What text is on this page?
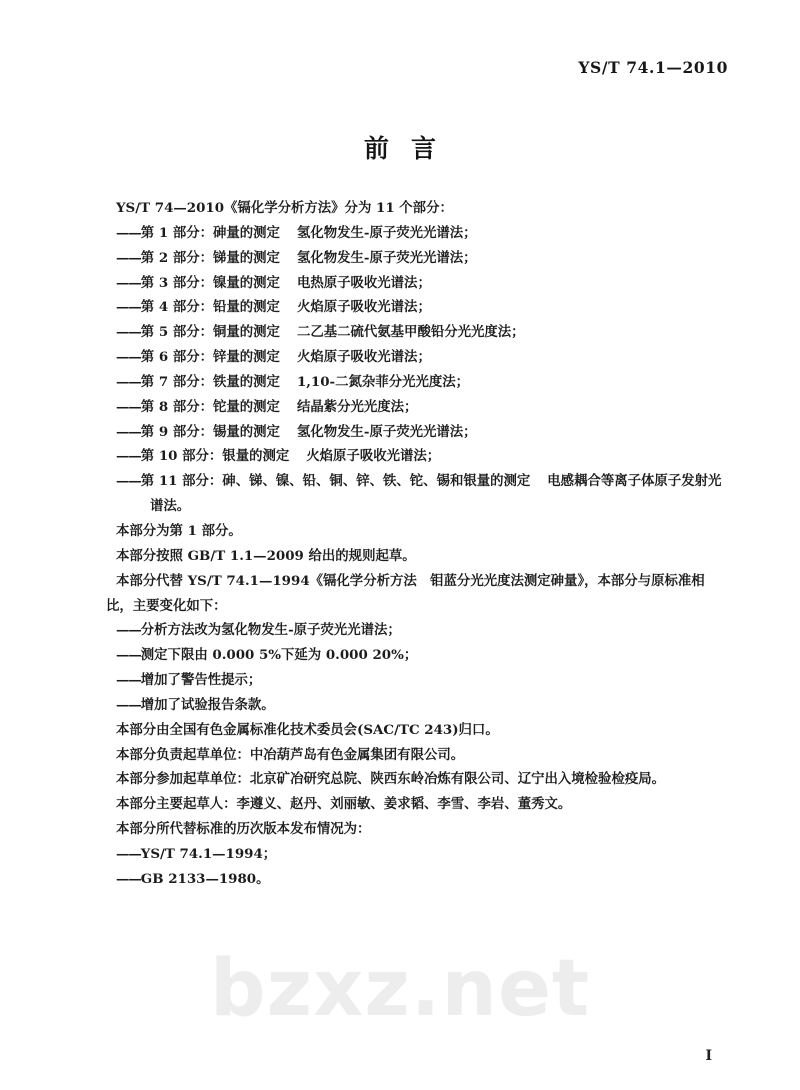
YS/T 74.1—2010
前言
YS/T 74—2010《镉化学分析方法》分为 11 个部分：
——第 1 部分：砷量的测定 氢化物发生-原子荧光光谱法；
——第 2 部分：锑量的测定 氢化物发生-原子荧光光谱法；
——第 3 部分：镍量的测定 电热原子吸收光谱法；
——第 4 部分：铅量的测定 火焰原子吸收光谱法；
——第 5 部分：铜量的测定 二乙基二硫代氨基甲酸铅分光光度法；
——第 6 部分：锌量的测定 火焰原子吸收光谱法；
——第 7 部分：铁量的测定 1,10-二氮杂菲分光光度法；
——第 8 部分：铊量的测定 结晶紫分光光度法；
——第 9 部分：锡量的测定 氢化物发生-原子荧光光谱法；
——第 10 部分：银量的测定 火焰原子吸收光谱法；
——第 11 部分：砷、锑、镍、铅、铜、锌、铁、铊、锡和银量的测定 电感耦合等离子体原子发射光
谱法。
本部分为第 1 部分。
本部分按照 GB/T 1.1—2009 给出的规则起草。
本部分代替 YS/T 74.1—1994《镉化学分析方法　钼蓝分光光度法测定砷量》，本部分与原标准相
比，主要变化如下：
——分析方法改为氢化物发生-原子荧光光谱法；
——测定下限由 0.000 5%下延为 0.000 20%；
——增加了警告性提示；
——增加了试验报告条款。
本部分由全国有色金属标准化技术委员会(SAC/TC 243)归口。
本部分负责起草单位：中冶葫芦岛有色金属集团有限公司。
本部分参加起草单位：北京矿冶研究总院、陕西东岭冶炼有限公司、辽宁出入境检验检疫局。
本部分主要起草人：李遵义、赵丹、刘丽敏、姜求韬、李雪、李岩、董秀文。
本部分所代替标准的历次版本发布情况为：
——YS/T 74.1—1994；
——GB 2133—1980。
bzxz.net
I
